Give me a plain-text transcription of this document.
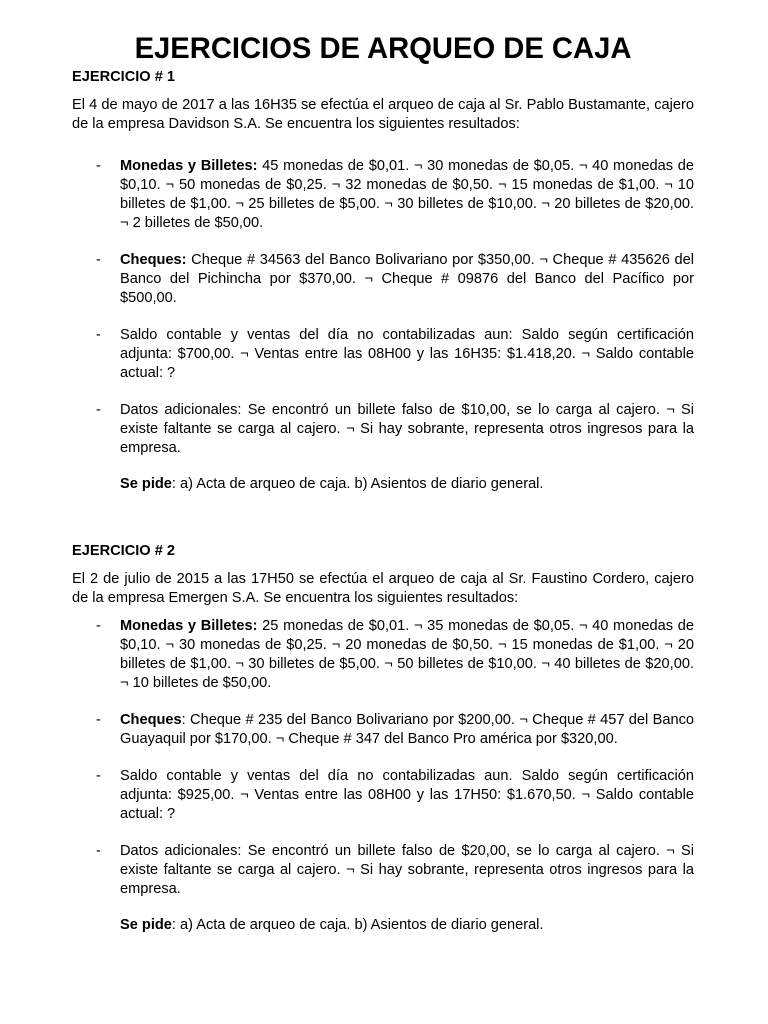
EJERCICIOS DE ARQUEO DE CAJA
EJERCICIO # 1

El 4 de mayo de 2017 a las 16H35 se efectúa el arqueo de caja al Sr. Pablo Bustamante, cajero de la empresa Davidson S.A. Se encuentra los siguientes resultados:

- Monedas y Billetes: 45 monedas de $0,01. ¬ 30 monedas de $0,05. ¬ 40 monedas de $0,10. ¬ 50 monedas de $0,25. ¬ 32 monedas de $0,50. ¬ 15 monedas de $1,00. ¬ 10 billetes de $1,00. ¬ 25 billetes de $5,00. ¬ 30 billetes de $10,00. ¬ 20 billetes de $20,00. ¬ 2 billetes de $50,00.
- Cheques: Cheque # 34563 del Banco Bolivariano por $350,00. ¬ Cheque # 435626 del Banco del Pichincha por $370,00. ¬ Cheque # 09876 del Banco del Pacífico por $500,00.
- Saldo contable y ventas del día no contabilizadas aun: Saldo según certificación adjunta: $700,00. ¬ Ventas entre las 08H00 y las 16H35: $1.418,20. ¬ Saldo contable actual: ?
- Datos adicionales: Se encontró un billete falso de $10,00, se lo carga al cajero. ¬ Si existe faltante se carga al cajero. ¬ Si hay sobrante, representa otros ingresos para la empresa.
Se pide: a) Acta de arqueo de caja. b) Asientos de diario general.
EJERCICIO # 2

El 2 de julio de 2015 a las 17H50 se efectúa el arqueo de caja al Sr. Faustino Cordero, cajero de la empresa Emergen S.A. Se encuentra los siguientes resultados:

- Monedas y Billetes: 25 monedas de $0,01. ¬ 35 monedas de $0,05. ¬ 40 monedas de $0,10. ¬ 30 monedas de $0,25. ¬ 20 monedas de $0,50. ¬ 15 monedas de $1,00. ¬ 20 billetes de $1,00. ¬ 30 billetes de $5,00. ¬ 50 billetes de $10,00. ¬ 40 billetes de $20,00. ¬ 10 billetes de $50,00.
- Cheques: Cheque # 235 del Banco Bolivariano por $200,00. ¬ Cheque # 457 del Banco Guayaquil por $170,00. ¬ Cheque # 347 del Banco Pro américa por $320,00.
- Saldo contable y ventas del día no contabilizadas aun. Saldo según certificación adjunta: $925,00. ¬ Ventas entre las 08H00 y las 17H50: $1.670,50. ¬ Saldo contable actual: ?
- Datos adicionales: Se encontró un billete falso de $20,00, se lo carga al cajero. ¬ Si existe faltante se carga al cajero. ¬ Si hay sobrante, representa otros ingresos para la empresa.
Se pide: a) Acta de arqueo de caja. b) Asientos de diario general.
